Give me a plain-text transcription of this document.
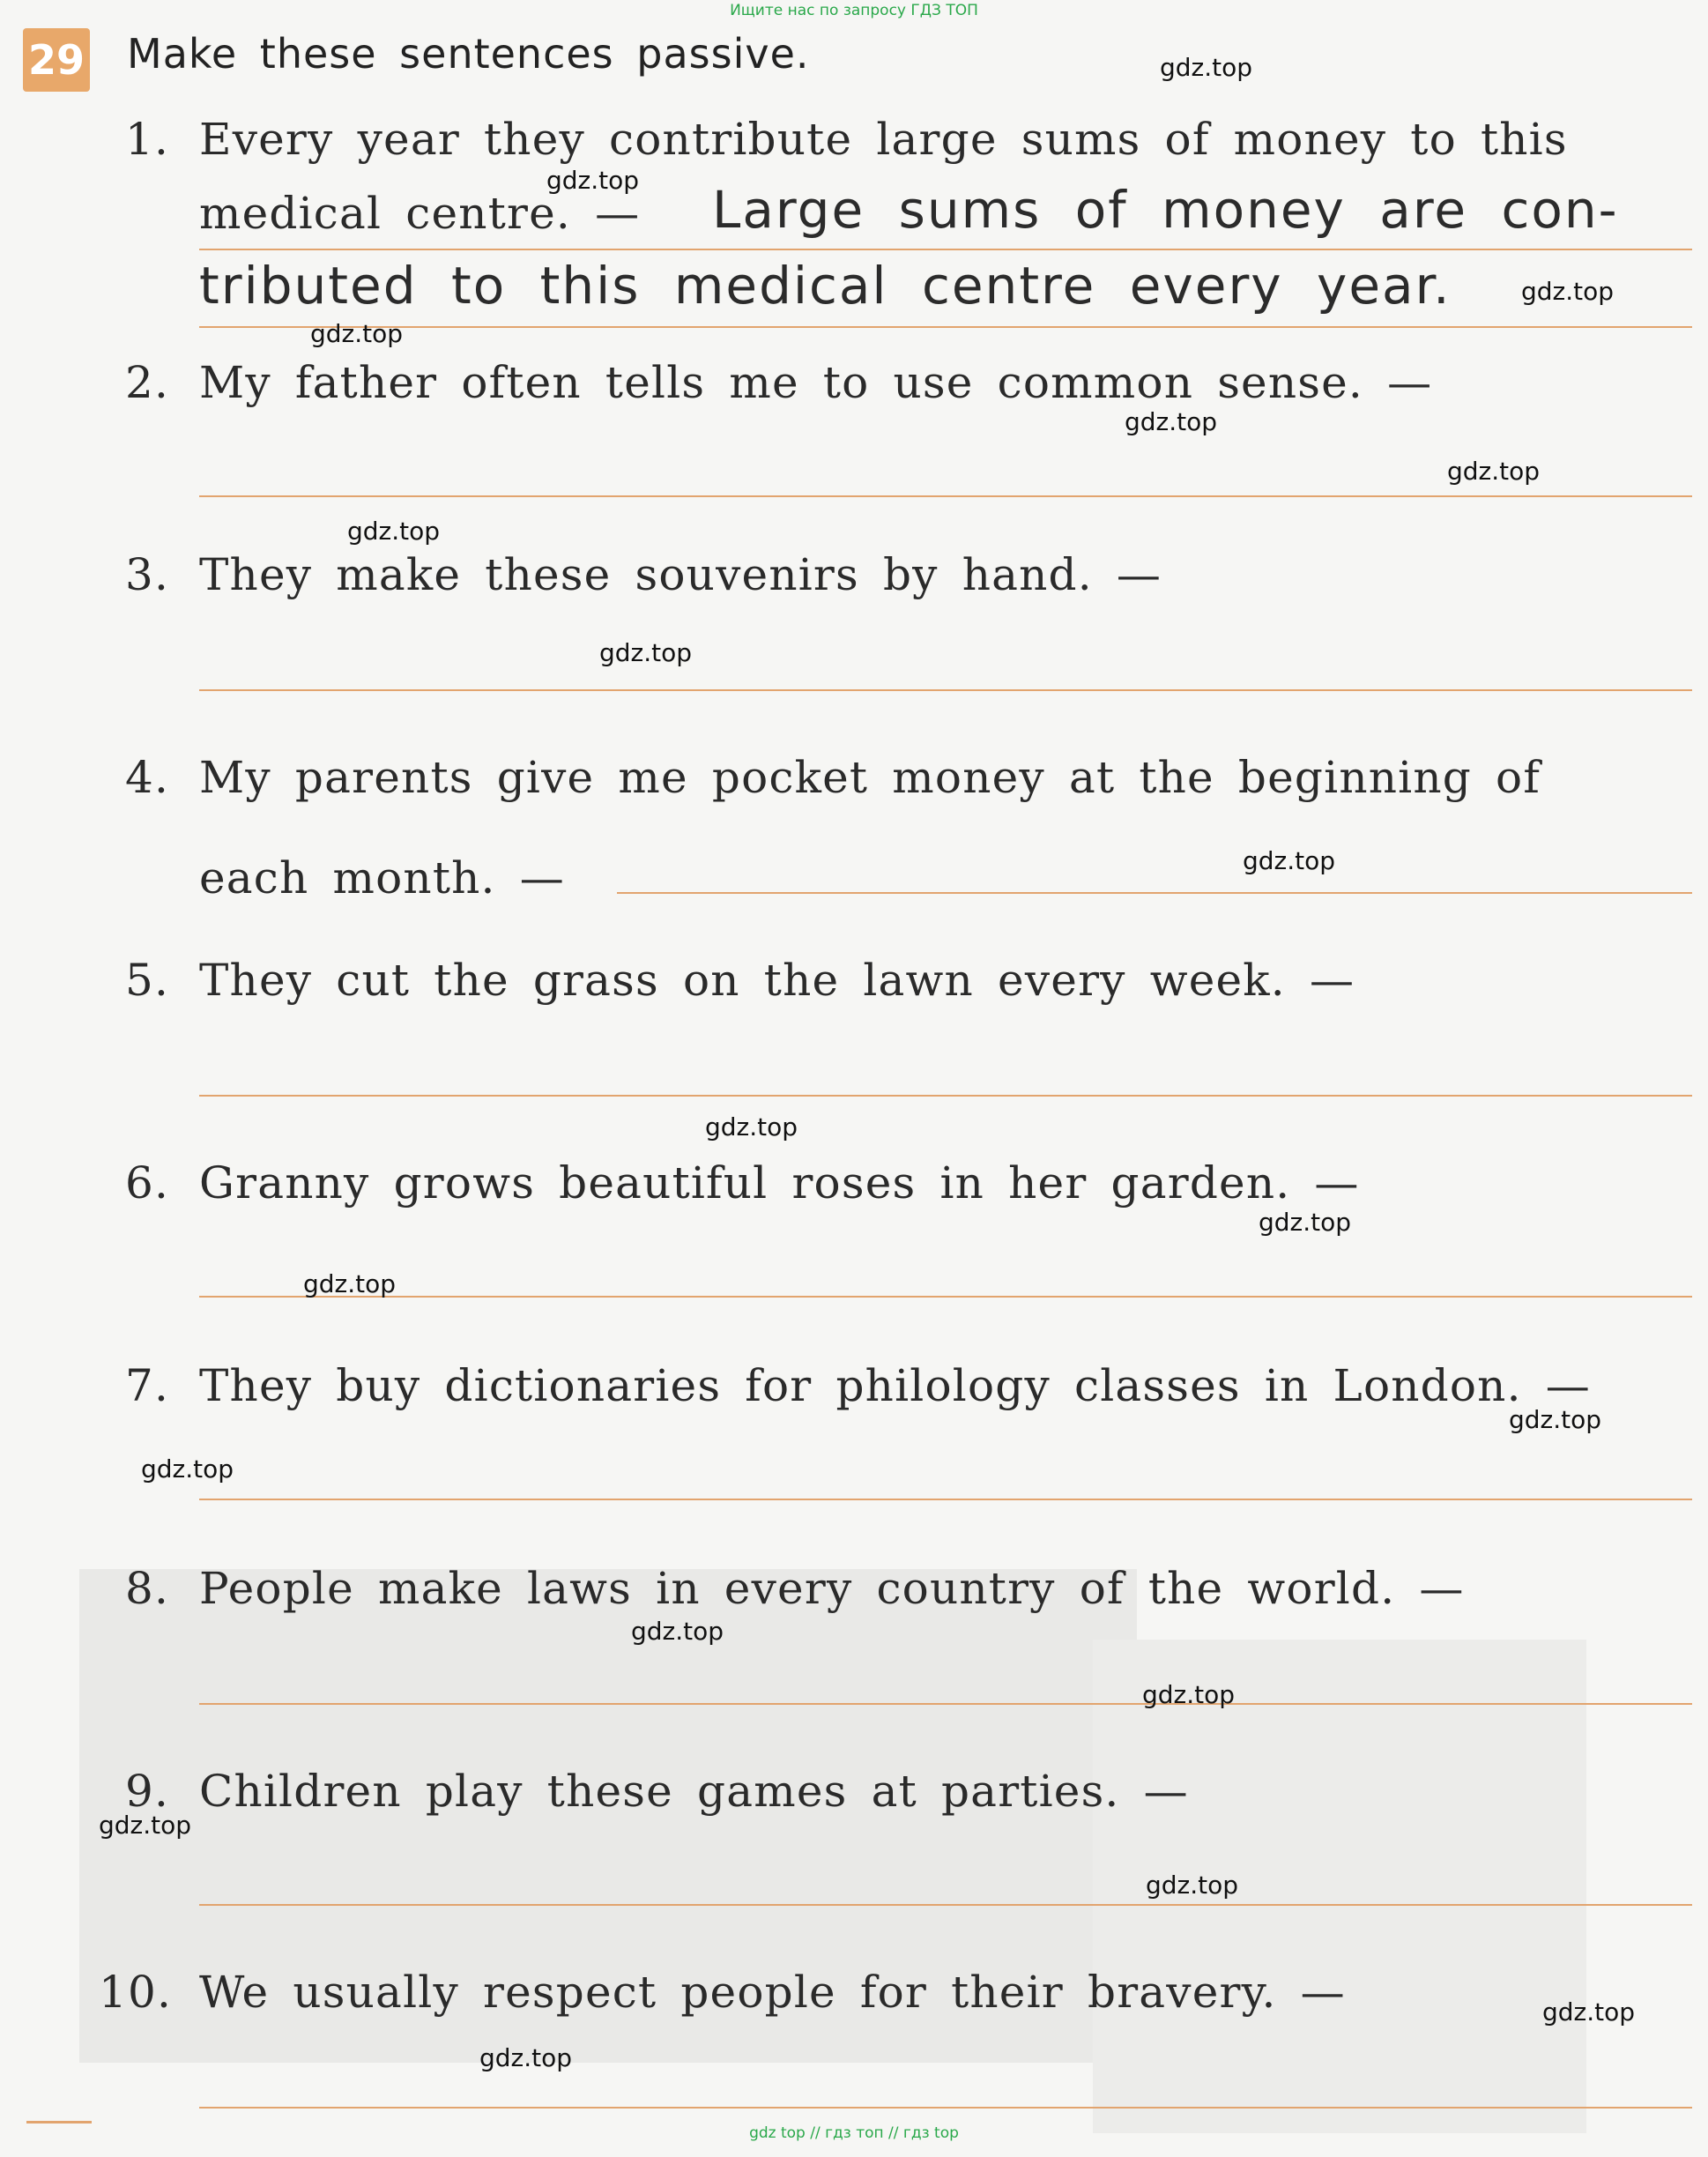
Ищите нас по запросу ГДЗ ТОП
29 Make these sentences passive.
1. Every year they contribute large sums of money to this
medical centre. — Large sums of money are con-
tributed to this medical centre every year.
2. My father often tells me to use common sense. —
3. They make these souvenirs by hand. —
4. My parents give me pocket money at the beginning of
each month. —
5. They cut the grass on the lawn every week. —
6. Granny grows beautiful roses in her garden. —
7. They buy dictionaries for philology classes in London. —
8. People make laws in every country of the world. —
9. Children play these games at parties. —
10. We usually respect people for their bravery. —
gdz.top
gdz.top
gdz.top
gdz.top
gdz.top
gdz.top
gdz.top
gdz.top
gdz.top
gdz.top
gdz.top
gdz.top
gdz.top
gdz.top
gdz.top
gdz.top
gdz.top
gdz.top
gdz.top
gdz.top
gdz top // гдз топ // гдз top
